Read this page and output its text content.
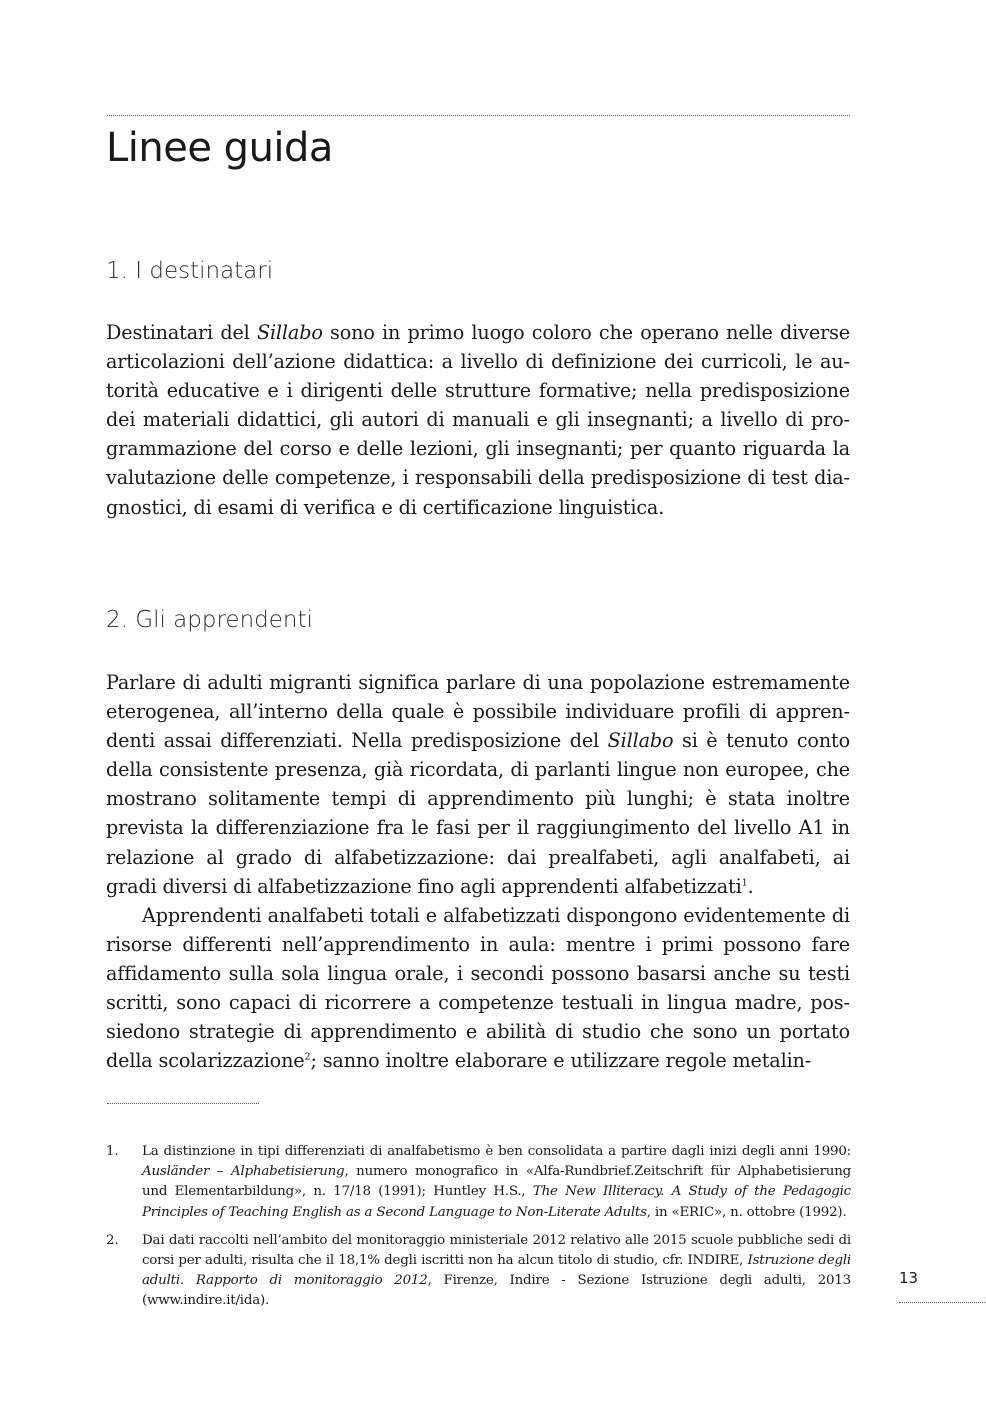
Linee guida
1. I destinatari

Destinatari del Sillabo sono in primo luogo coloro che operano nelle diverse articolazioni dell’azione didattica: a livello di definizione dei curricoli, le autorità educative e i dirigenti delle strutture formative; nella predisposizione dei materiali didattici, gli autori di manuali e gli insegnanti; a livello di programmazione del corso e delle lezioni, gli insegnanti; per quanto riguarda la valutazione delle competenze, i responsabili della predisposizione di test diagnostici, di esami di verifica e di certificazione linguistica.

2. Gli apprendenti

Parlare di adulti migranti significa parlare di una popolazione estremamente eterogenea, all’interno della quale è possibile individuare profili di apprendenti assai differenziati. Nella predisposizione del Sillabo si è tenuto conto della consistente presenza, già ricordata, di parlanti lingue non europee, che mostrano solitamente tempi di apprendimento più lunghi; è stata inoltre prevista la differenziazione fra le fasi per il raggiungimento del livello A1 in relazione al grado di alfabetizzazione: dai prealfabeti, agli analfabeti, ai gradi diversi di alfabetizzazione fino agli apprendenti alfabetizzati$^1$.

Apprendenti analfabeti totali e alfabetizzati dispongono evidentemente di risorse differenti nell’apprendimento in aula: mentre i primi possono fare affidamento sulla sola lingua orale, i secondi possono basarsi anche su testi scritti, sono capaci di ricorrere a competenze testuali in lingua madre, possiedono strategie di apprendimento e abilità di studio che sono un portato della scolarizzazione$^2$; sanno inoltre elaborare e utilizzare regole metalin-

1. La distinzione in tipi differenziati di analfabetismo è ben consolidata a partire dagli inizi degli anni 1990: Ausländer – Alphabetisierung, numero monografico in «Alfa-Rundbrief.Zeitschrift für Alphabetisierung und Elementarbildung», n. 17/18 (1991); Huntley H.S., The New Illiteracy. A Study of the Pedagogic Principles of Teaching English as a Second Language to Non-Literate Adults, in «ERIC», n. ottobre (1992).

2. Dai dati raccolti nell’ambito del monitoraggio ministeriale 2012 relativo alle 2015 scuole pubbliche sedi di corsi per adulti, risulta che il 18,1% degli iscritti non ha alcun titolo di studio, cfr. INDIRE, Istruzione degli adulti. Rapporto di monitoraggio 2012, Firenze, Indire - Sezione Istruzione degli adulti, 2013 (www.indire.it/ida).

13
